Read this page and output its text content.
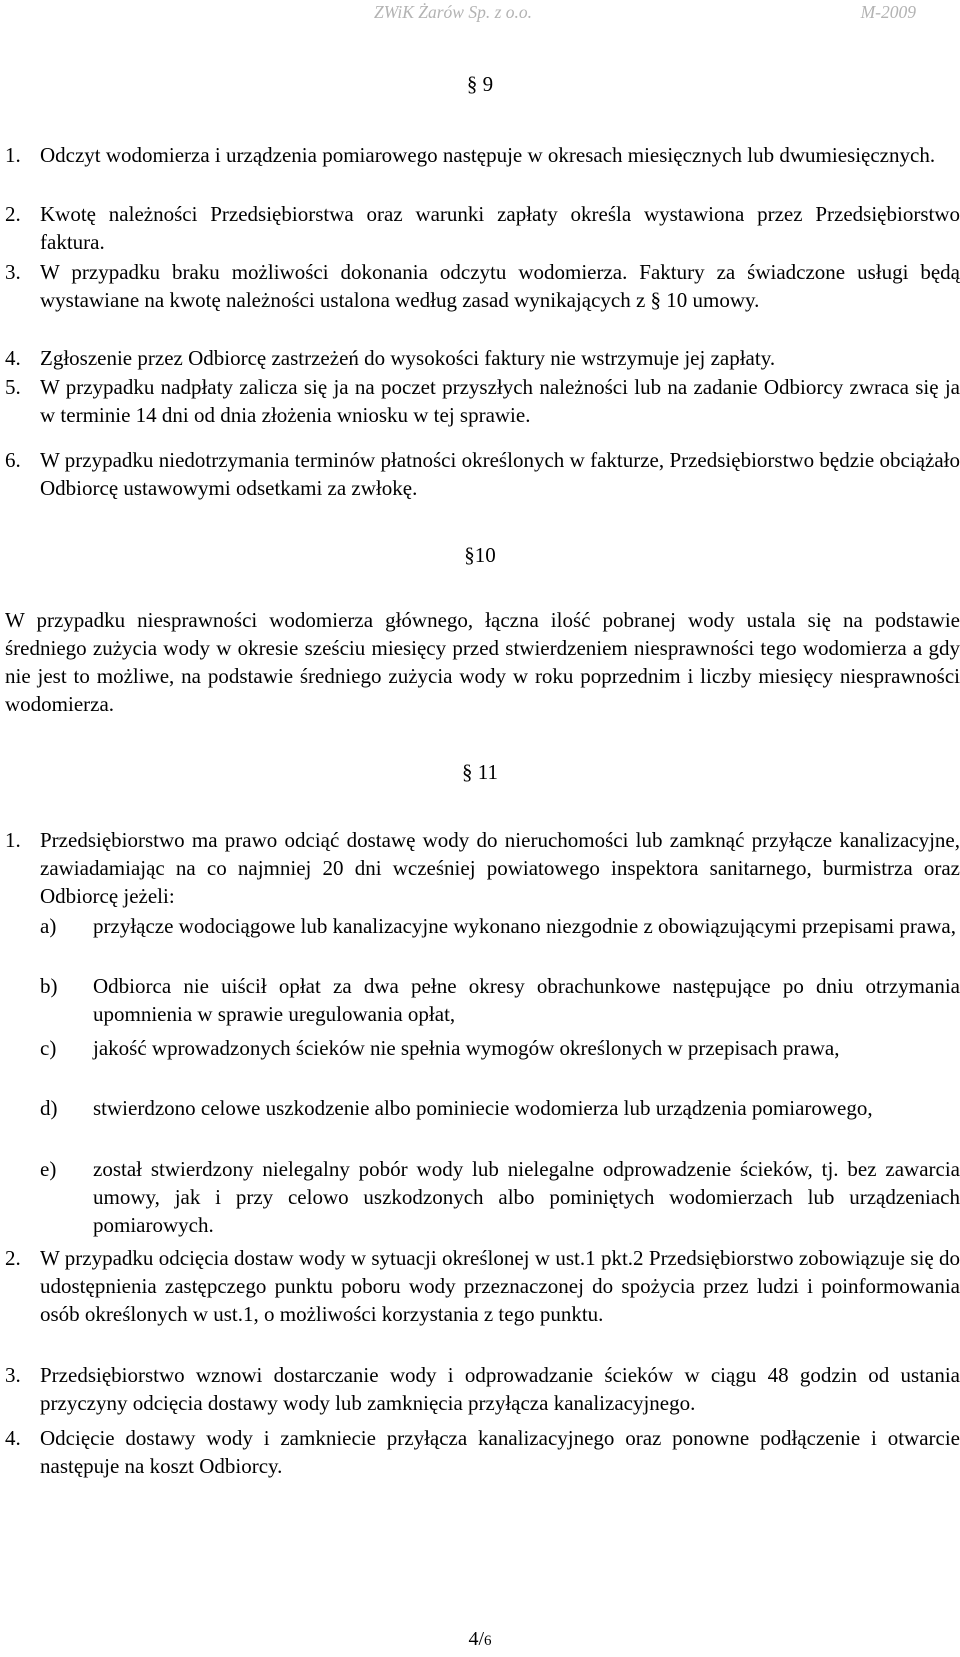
ZWiK Żarów Sp. z o.o.	M-2009
§ 9
1. Odczyt wodomierza i urządzenia pomiarowego następuje w okresach miesięcznych lub dwumiesięcznych.
2. Kwotę należności Przedsiębiorstwa oraz warunki zapłaty określa wystawiona przez Przedsiębiorstwo faktura.
3. W przypadku braku możliwości dokonania odczytu wodomierza. Faktury za świadczone usługi będą wystawiane na kwotę należności ustalona według zasad wynikających z § 10 umowy.
4. Zgłoszenie przez Odbiorcę zastrzeżeń do wysokości faktury nie wstrzymuje jej zapłaty.
5. W przypadku nadpłaty zalicza się ja na poczet przyszłych należności lub na zadanie Odbiorcy zwraca się ja w terminie 14 dni od dnia złożenia wniosku w tej sprawie.
6. W przypadku niedotrzymania terminów płatności określonych w fakturze, Przedsiębiorstwo będzie obciążało Odbiorcę ustawowymi odsetkami za zwłokę.
§10
W przypadku niesprawności wodomierza głównego, łączna ilość pobranej wody ustala się na podstawie średniego zużycia wody w okresie sześciu miesięcy przed stwierdzeniem niesprawności tego wodomierza a gdy nie jest to możliwe, na podstawie średniego zużycia wody w roku poprzednim i liczby miesięcy niesprawności wodomierza.
§ 11
1. Przedsiębiorstwo ma prawo odciąć dostawę wody do nieruchomości lub zamknąć przyłącze kanalizacyjne, zawiadamiając na co najmniej 20 dni wcześniej powiatowego inspektora sanitarnego, burmistrza oraz Odbiorcę jeżeli:
a) przyłącze wodociągowe lub kanalizacyjne wykonano niezgodnie z obowiązującymi przepisami prawa,
b) Odbiorca nie uiścił opłat za dwa pełne okresy obrachunkowe następujące po dniu otrzymania upomnienia w sprawie uregulowania opłat,
c) jakość wprowadzonych ścieków nie spełnia wymogów określonych w przepisach prawa,
d) stwierdzono celowe uszkodzenie albo pominiecie wodomierza lub urządzenia pomiarowego,
e) został stwierdzony nielegalny pobór wody lub nielegalne odprowadzenie ścieków, tj. bez zawarcia umowy, jak i przy celowo uszkodzonych albo pominiętych wodomierzach lub urządzeniach pomiarowych.
2. W przypadku odcięcia dostaw wody w sytuacji określonej w ust.1 pkt.2 Przedsiębiorstwo zobowiązuje się do udostępnienia zastępczego punktu poboru wody przeznaczonej do spożycia przez ludzi i poinformowania osób określonych w ust.1, o możliwości korzystania z tego punktu.
3. Przedsiębiorstwo wznowi dostarczanie wody i odprowadzanie ścieków w ciągu 48 godzin od ustania przyczyny odcięcia dostawy wody lub zamknięcia przyłącza kanalizacyjnego.
4. Odcięcie dostawy wody i zamkniecie przyłącza kanalizacyjnego oraz ponowne podłączenie i otwarcie następuje na koszt Odbiorcy.
4/6
